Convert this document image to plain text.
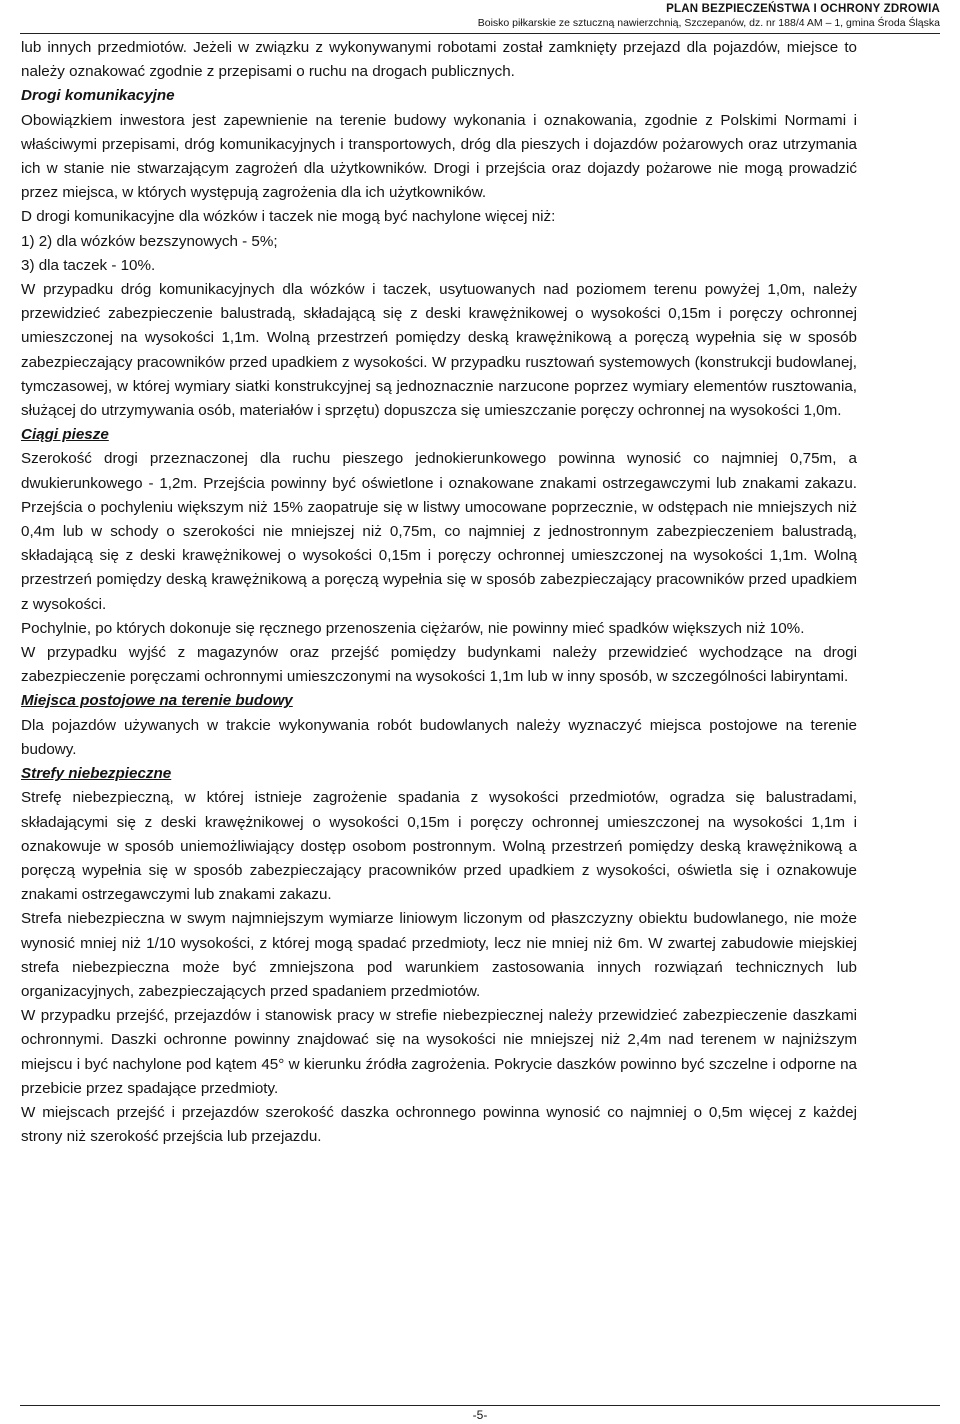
PLAN BEZPIECZEŃSTWA I OCHRONY ZDROWIA
Boisko piłkarskie ze sztuczną nawierzchnią, Szczepanów, dz. nr 188/4 AM – 1, gmina Środa Śląska

lub innych przedmiotów. Jeżeli w związku z wykonywanymi robotami został zamknięty przejazd dla pojazdów, miejsce to należy oznakować zgodnie z przepisami o ruchu na drogach publicznych.

Drogi komunikacyjne

Obowiązkiem inwestora jest zapewnienie na terenie budowy wykonania i oznakowania, zgodnie z Polskimi Normami i właściwymi przepisami, dróg komunikacyjnych i transportowych, dróg dla pieszych i dojazdów pożarowych oraz utrzymania ich w stanie nie stwarzającym zagrożeń dla użytkowników. Drogi i przejścia oraz dojazdy pożarowe nie mogą prowadzić przez miejsca, w których występują zagrożenia dla ich użytkowników.

D drogi komunikacyjne dla wózków i taczek nie mogą być nachylone więcej niż:

1) 2) dla wózków bezszynowych - 5%;

3) dla taczek - 10%.

W przypadku dróg komunikacyjnych dla wózków i taczek, usytuowanych nad poziomem terenu powyżej 1,0m, należy przewidzieć zabezpieczenie balustradą, składającą się z deski krawężnikowej o wysokości 0,15m i poręczy ochronnej umieszczonej na wysokości 1,1m. Wolną przestrzeń pomiędzy deską krawężnikową a poręczą wypełnia się w sposób zabezpieczający pracowników przed upadkiem z wysokości. W przypadku rusztowań systemowych (konstrukcji budowlanej, tymczasowej, w której wymiary siatki konstrukcyjnej są jednoznacznie narzucone poprzez wymiary elementów rusztowania, służącej do utrzymywania osób, materiałów i sprzętu) dopuszcza się umieszczanie poręczy ochronnej na wysokości 1,0m.

Ciągi piesze

Szerokość drogi przeznaczonej dla ruchu pieszego jednokierunkowego powinna wynosić co najmniej 0,75m, a dwukierunkowego - 1,2m. Przejścia powinny być oświetlone i oznakowane znakami ostrzegawczymi lub znakami zakazu. Przejścia o pochyleniu większym niż 15% zaopatruje się w listwy umocowane poprzecznie, w odstępach nie mniejszych niż 0,4m lub w schody o szerokości nie mniejszej niż 0,75m, co najmniej z jednostronnym zabezpieczeniem balustradą, składającą się z deski krawężnikowej o wysokości 0,15m i poręczy ochronnej umieszczonej na wysokości 1,1m. Wolną przestrzeń pomiędzy deską krawężnikową a poręczą wypełnia się w sposób zabezpieczający pracowników przed upadkiem z wysokości.

Pochylnie, po których dokonuje się ręcznego przenoszenia ciężarów, nie powinny mieć spadków większych niż 10%.

W przypadku wyjść z magazynów oraz przejść pomiędzy budynkami należy przewidzieć wychodzące na drogi zabezpieczenie poręczami ochronnymi umieszczonymi na wysokości 1,1m lub w inny sposób, w szczególności labiryntami.

Miejsca postojowe na terenie budowy

Dla pojazdów używanych w trakcie wykonywania robót budowlanych należy wyznaczyć miejsca postojowe na terenie budowy.

Strefy niebezpieczne

Strefę niebezpieczną, w której istnieje zagrożenie spadania z wysokości przedmiotów, ogradza się balustradami, składającymi się z deski krawężnikowej o wysokości 0,15m i poręczy ochronnej umieszczonej na wysokości 1,1m i oznakowuje w sposób uniemożliwiający dostęp osobom postronnym. Wolną przestrzeń pomiędzy deską krawężnikową a poręczą wypełnia się w sposób zabezpieczający pracowników przed upadkiem z wysokości, oświetla się i oznakowuje znakami ostrzegawczymi lub znakami zakazu.

Strefa niebezpieczna w swym najmniejszym wymiarze liniowym liczonym od płaszczyzny obiektu budowlanego, nie może wynosić mniej niż 1/10 wysokości, z której mogą spadać przedmioty, lecz nie mniej niż 6m. W zwartej zabudowie miejskiej strefa niebezpieczna może być zmniejszona pod warunkiem zastosowania innych rozwiązań technicznych lub organizacyjnych, zabezpieczających przed spadaniem przedmiotów.

W przypadku przejść, przejazdów i stanowisk pracy w strefie niebezpiecznej należy przewidzieć zabezpieczenie daszkami ochronnymi. Daszki ochronne powinny znajdować się na wysokości nie mniejszej niż 2,4m nad terenem w najniższym miejscu i być nachylone pod kątem 45° w kierunku źródła zagrożenia. Pokrycie daszków powinno być szczelne i odporne na przebicie przez spadające przedmioty.

W miejscach przejść i przejazdów szerokość daszka ochronnego powinna wynosić co najmniej o 0,5m więcej z każdej strony niż szerokość przejścia lub przejazdu.

-5-
